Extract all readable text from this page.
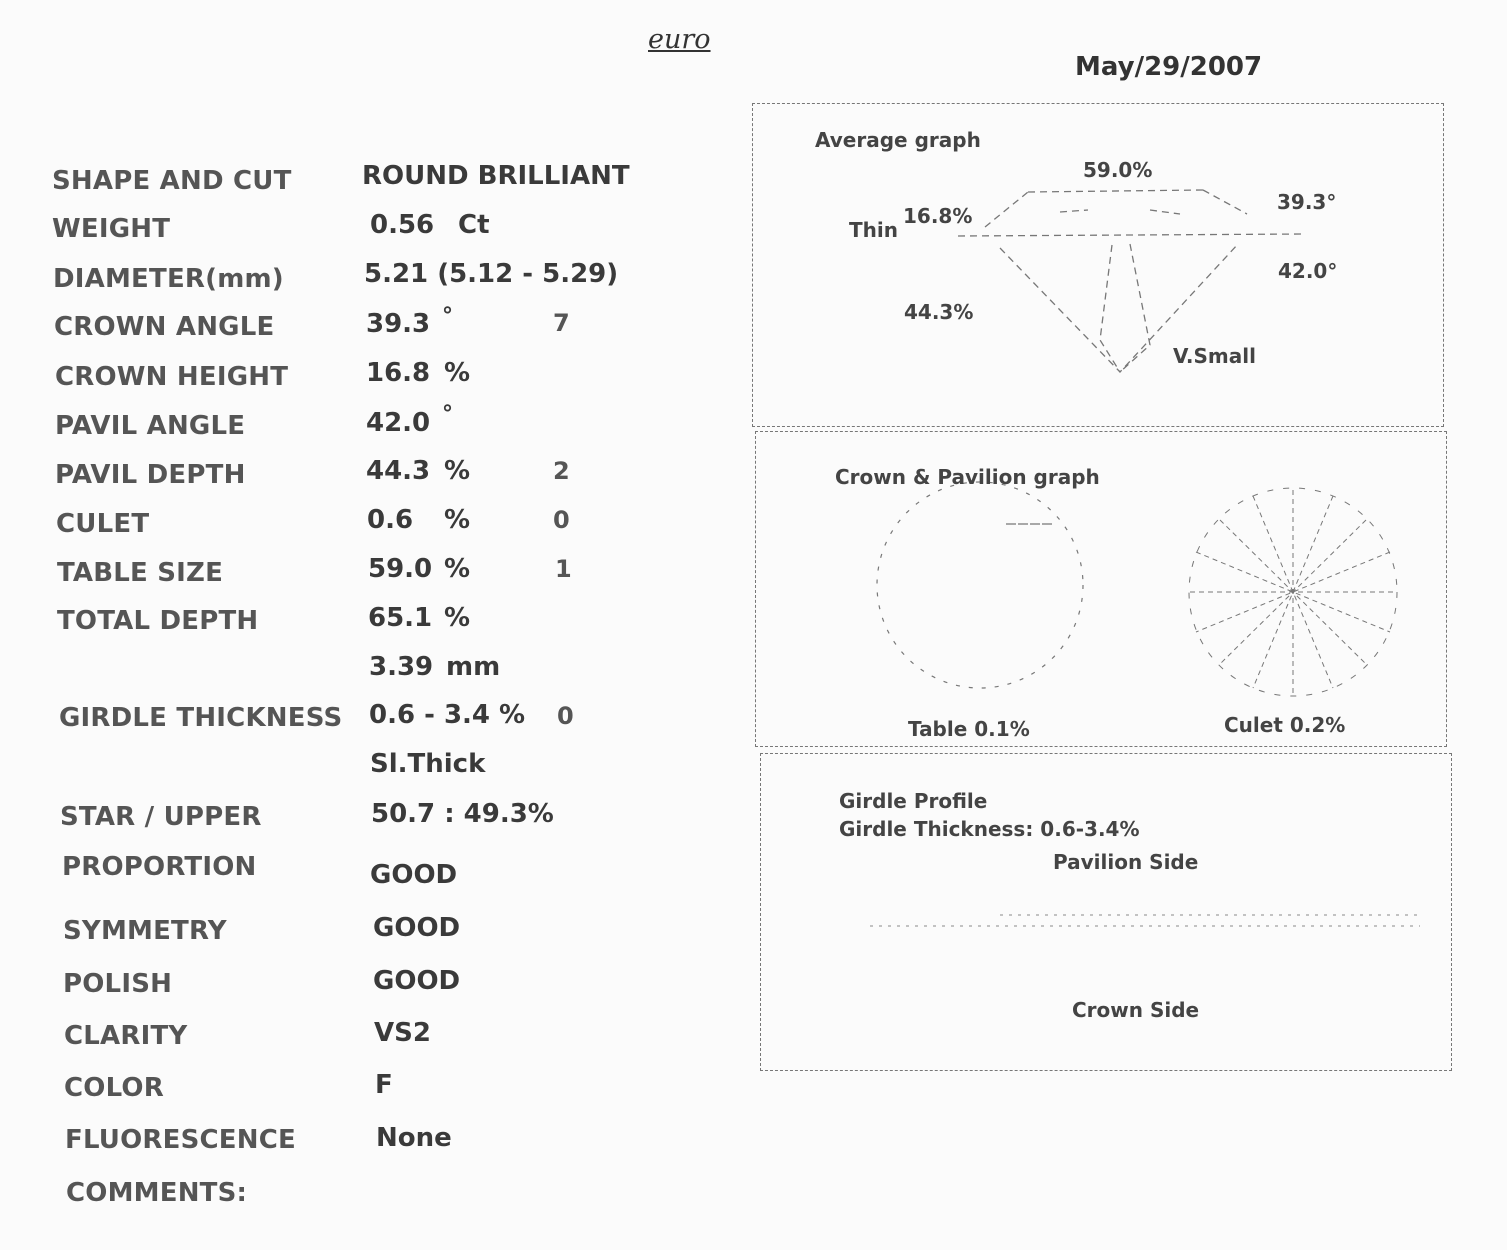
euro
May/29/2007
SHAPE AND CUT	ROUND BRILLIANT
WEIGHT	0.56 Ct
DIAMETER(mm)	5.21 (5.12 - 5.29)
CROWN ANGLE	39.3 °	7
CROWN HEIGHT	16.8 %
PAVIL ANGLE	42.0 °
PAVIL DEPTH	44.3 %	2
CULET	0.6 %	0
TABLE SIZE	59.0 %	1
TOTAL DEPTH	65.1 %
3.39 mm
GIRDLE THICKNESS 0.6 - 3.4 % 0
Sl.Thick
STAR / UPPER	50.7 : 49.3%
PROPORTION	GOOD
SYMMETRY	GOOD
POLISH	GOOD
CLARITY	VS2
COLOR	F
FLUORESCENCE	None
COMMENTS:
Average graph
59.0%
39.3°
Thin
16.8%
42.0°
44.3%
V.Small
Crown & Pavilion graph
Table 0.1%	Culet 0.2%
Girdle Profile
Girdle Thickness: 0.6-3.4%
Pavilion Side
Crown Side
